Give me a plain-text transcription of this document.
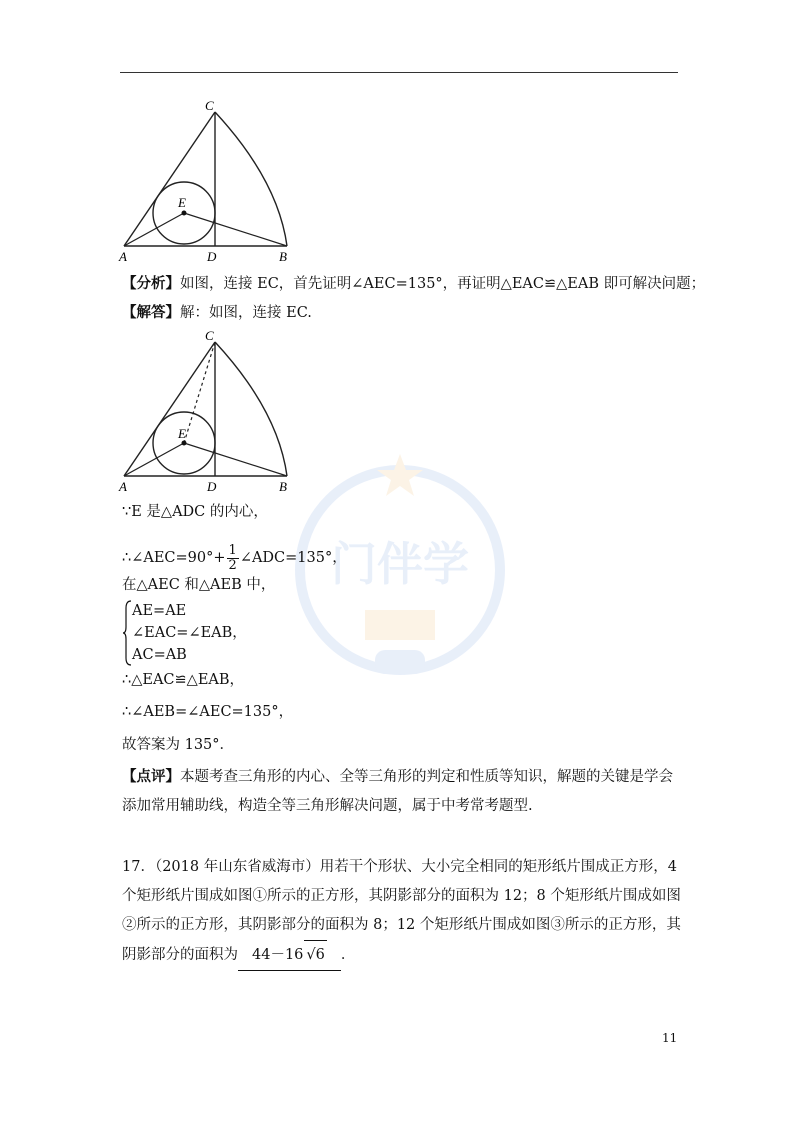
C
E
A	D	B
【分析】如图，连接 EC，首先证明∠AEC=135°，再证明△EAC≌△EAB 即可解决问题；
【解答】解：如图，连接 EC.
C
E
A	D	B
门伴学
∵E 是△ADC 的内心，
∴∠AEC=90°+ $\frac{1}{2}$ ∠ADC=135°，
在△AEC 和△AEB 中，
AE=AE
∠EAC=∠EAB，
AC=AB
∴△EAC≌△EAB，
∴∠AEB=∠AEC=135°，
故答案为 135°．
【点评】本题考查三角形的内心、全等三角形的判定和性质等知识，解题的关键是学会添加常用辅助线，构造全等三角形解决问题，属于中考常考题型.
17．（2018 年山东省威海市）用若干个形状、大小完全相同的矩形纸片围成正方形，4 个矩形纸片围成如图①所示的正方形，其阴影部分的面积为 12；8 个矩形纸片围成如图②所示的正方形，其阴影部分的面积为 8；12 个矩形纸片围成如图③所示的正方形，其阴影部分的面积为 44－16 √6 ．
11
